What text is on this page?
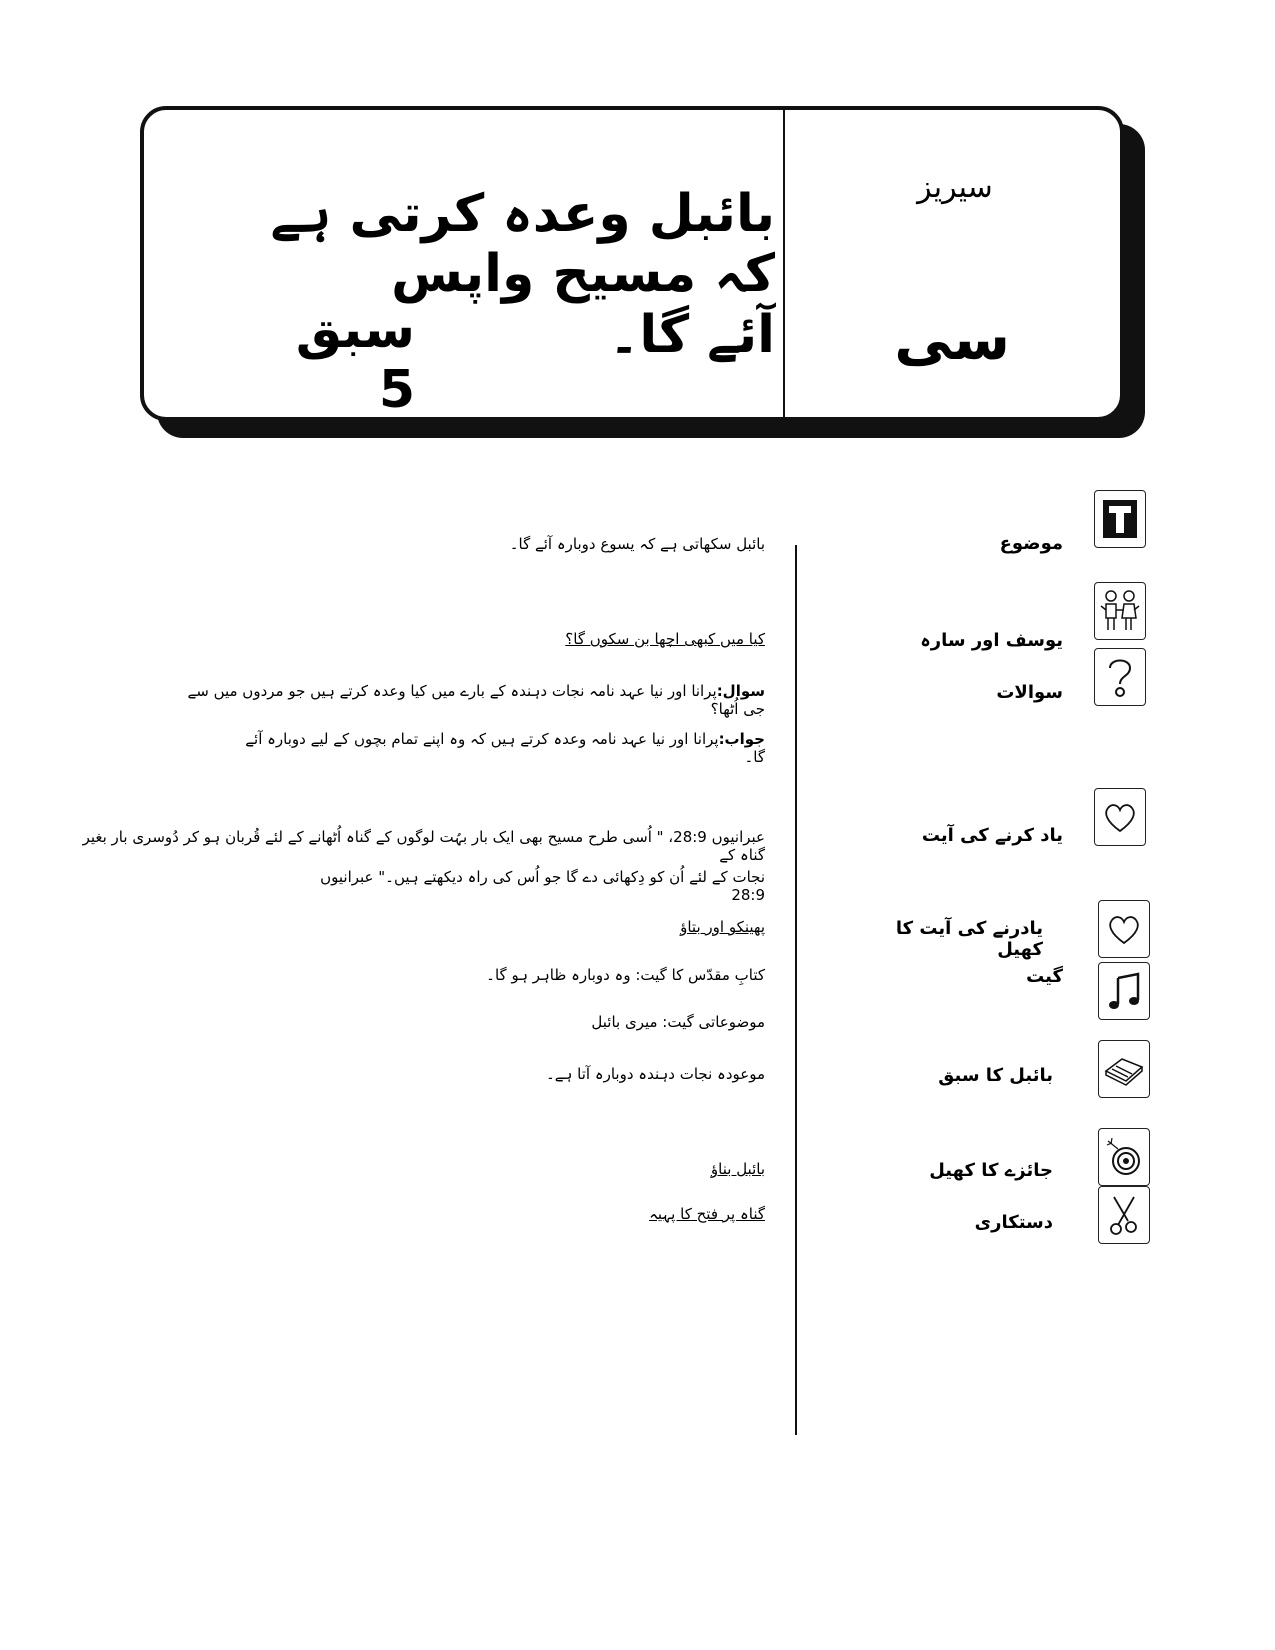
سیریز
سی
بائبل وعدہ کرتی ہے کہ مسیح واپس
آئے گا۔
سبق 5
موضوع
یوسف اور سارہ
سوالات
یاد کرنے کی آیت
یادرنے کی آیت کا کھیل
گیت
بائبل کا سبق
جائزے کا کھیل
دستکاری
بائبل سکھاتی ہے کہ یسوع دوبارہ آئے گا۔
کیا میں کبھی اچھا بن سکوں گا؟
سوال:پرانا اور نیا عہد نامہ نجات دہندہ کے بارے میں کیا وعدہ کرتے ہیں جو مردوں میں سے جی اُٹھا؟
جواب:پرانا اور نیا عہد نامہ وعدہ کرتے ہیں کہ وہ اپنے تمام بچوں کے لیے دوبارہ آئے گا۔
عبرانیوں 28:9، " اُسی طرح مسیح بھی ایک بار بہُت لوگوں کے گناہ اُٹھانے کے لئے قُربان ہو کر دُوسری بار بغیر گناہ کے
نجات کے لئے اُن کو دِکھائی دے گا جو اُس کی راہ دیکھتے ہیں۔" عبرانیوں 28:9
پھینکو اور بتاؤ
کتابِ مقدّس کا گیت: وہ دوبارہ ظاہر ہو گا۔
موضوعاتی گیت: میری بائبل
موعودہ نجات دہندہ دوبارہ آتا ہے۔
بائبل بناؤ
گناہ پر فتح کا پہیہ
